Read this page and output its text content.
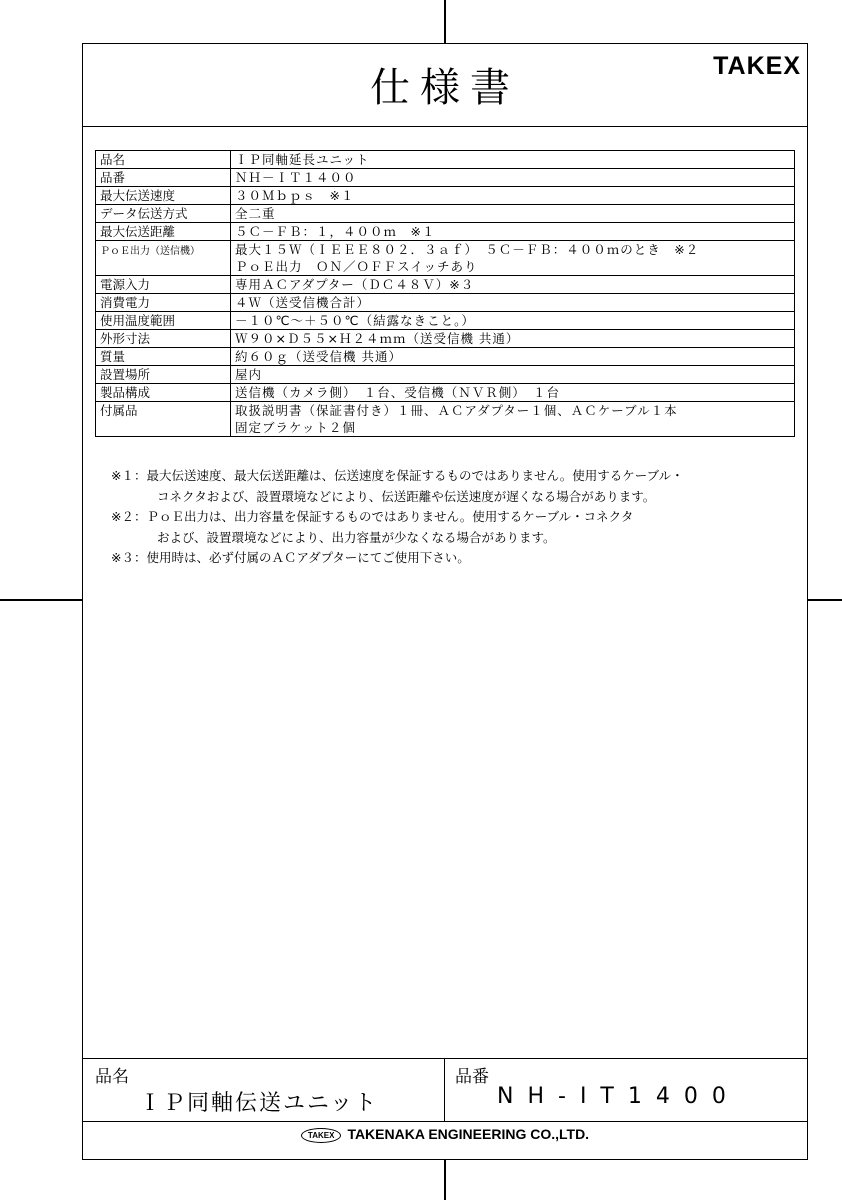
仕様書	TAKEX
品名	ＩＰ同軸延長ユニット
品番	ＮＨ－ＩＴ１４００
最大伝送速度	３０Ｍｂｐｓ　※１
データ伝送方式	全二重
最大伝送距離	５Ｃ－ＦＢ：１，４００ｍ　※１
ＰｏＥ出力（送信機）	最大１５Ｗ（ＩＥＥＥ８０２．３ａｆ）　５Ｃ－ＦＢ：４００ｍのとき　※２
ＰｏＥ出力　ＯＮ／ＯＦＦスイッチあり

電源入力	専用ＡＣアダプター（ＤＣ４８Ｖ）※３
消費電力	４Ｗ（送受信機合計）
使用温度範囲	－１０℃～＋５０℃（結露なきこと。）
外形寸法	Ｗ９０×Ｄ５５×Ｈ２４ｍｍ（送受信機 共通）
質量	約６０ｇ（送受信機 共通）
設置場所	屋内
製品構成	送信機（カメラ側）　１台、受信機（ＮＶＲ側）　１台
付属品	取扱説明書（保証書付き）１冊、ＡＣアダプター１個、ＡＣケーブル１本
固定ブラケット２個
※１：最大伝送速度、最大伝送距離は、伝送速度を保証するものではありません。使用するケーブル・
コネクタおよび、設置環境などにより、伝送距離や伝送速度が遅くなる場合があります。
※２：ＰｏＥ出力は、出力容量を保証するものではありません。使用するケーブル・コネクタ
および、設置環境などにより、出力容量が少なくなる場合があります。
※３：使用時は、必ず付属のＡＣアダプターにてご使用下さい。
品名
ＩＰ同軸伝送ユニット
品番
NH-IT1400
TAKEX TAKENAKA ENGINEERING CO.,LTD.
